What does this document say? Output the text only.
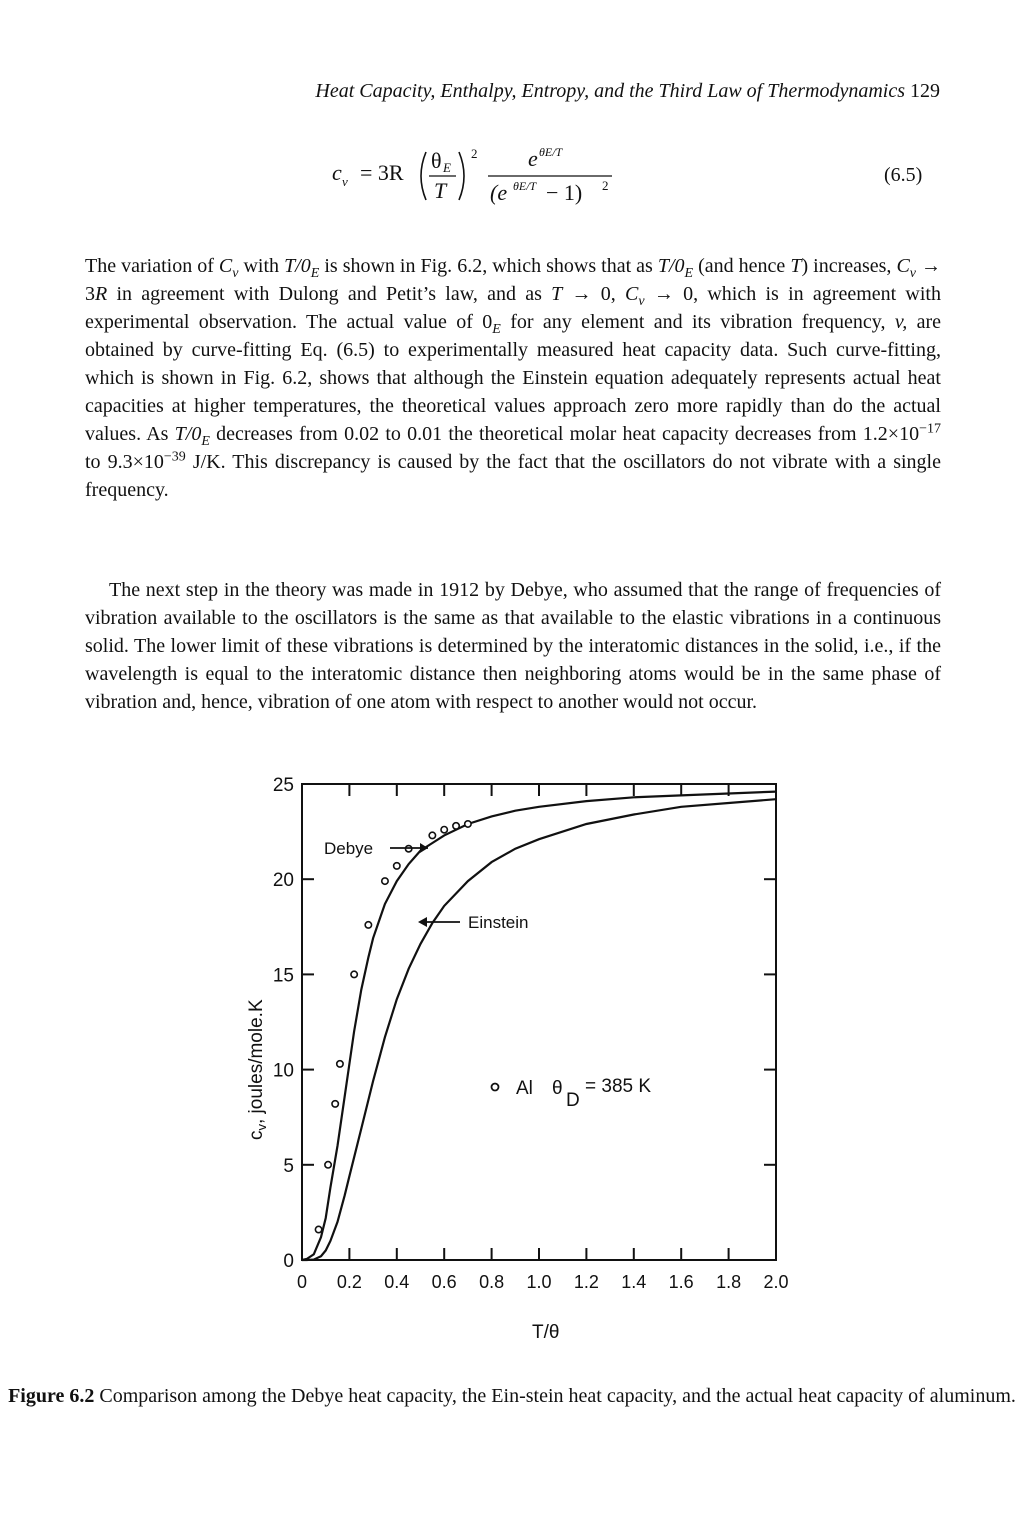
Heat Capacity, Enthalpy, Entropy, and the Third Law of Thermodynamics 129
c v = 3R θ E
T
2 e θE/T
(e θE/T − 1) 2	(6.5)

The variation of $C_v$ with $T/0_E$ is shown in Fig. 6.2, which shows that as $T/0_E$ (and hence T) increases, $C_v \to 3R$ in agreement with Dulong and Petit’s law, and as T → 0, $C_v \to 0$, which is in agreement with experimental observation. The actual value of $0_E$ for any element and its vibration frequency, v, are obtained by curve-fitting Eq. (6.5) to experimentally measured heat capacity data. Such curve-fitting, which is shown in Fig. 6.2, shows that although the Einstein equation adequately represents actual heat capacities at higher temperatures, the theoretical values approach zero more rapidly than do the actual values. As $T/0_E$ decreases from 0.02 to 0.01 the theoretical molar heat capacity decreases from $1.2\times 10^{-17}$ to $9.3\times 10^{-39}$ J/K. This discrepancy is caused by the fact that the oscillators do not vibrate with a single frequency.

The next step in the theory was made in 1912 by Debye, who assumed that the range of frequencies of vibration available to the oscillators is the same as that available to the elastic vibrations in a continuous solid. The lower limit of these vibrations is determined by the interatomic distances in the solid, i.e., if the wavelength is equal to the interatomic distance then neighboring atoms would be in the same phase of vibration and, hence, vibration of one atom with respect to another would not occur.

0 0.2 0.4 0.6 0.8 1.0 1.2 1.4 1.6 1.8 2.0
0
5
10
15
20
25
Debye
Einstein
Al θ
D
= 385 K
$c_v$, joules/mole.K
T/θ
Figure 6.2 Comparison among the Debye heat capacity, the Ein-stein heat capacity, and the actual heat capacity of aluminum.
